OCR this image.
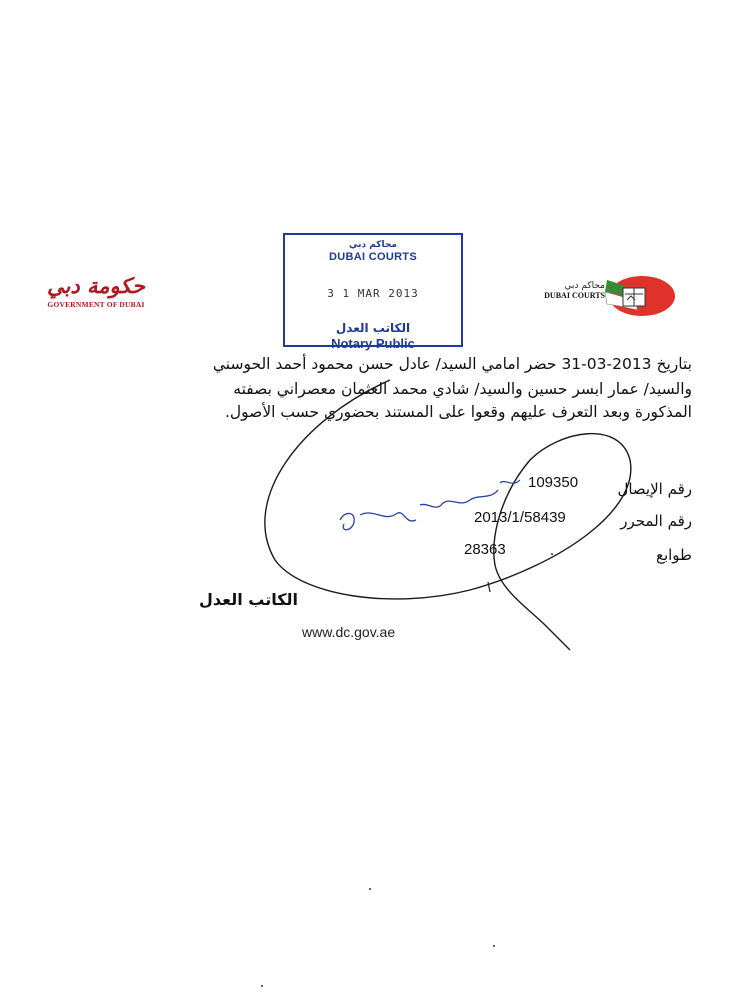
محاكم دبي
DUBAI COURTS
3 1 MAR 2013
الكاتب العدل
Notary Public
حكومة دبي
GOVERNMENT OF DUBAI
محاكم دبي
DUBAI COURTS
بتاريخ 2013-03-31 حضر امامي السيد/ عادل حسن محمود أحمد الحوسني
والسيد/ عمار ابسر حسين والسيد/ شادي محمد العثمان معصراني بصفته
المذكورة وبعد التعرف عليهم وقعوا على المستند بحضوري حسب الأصول.
رقم الإيصال
109350
رقم المحرر
2013/1/58439
طوابع
28363
الكاتب العدل
www.dc.gov.ae
